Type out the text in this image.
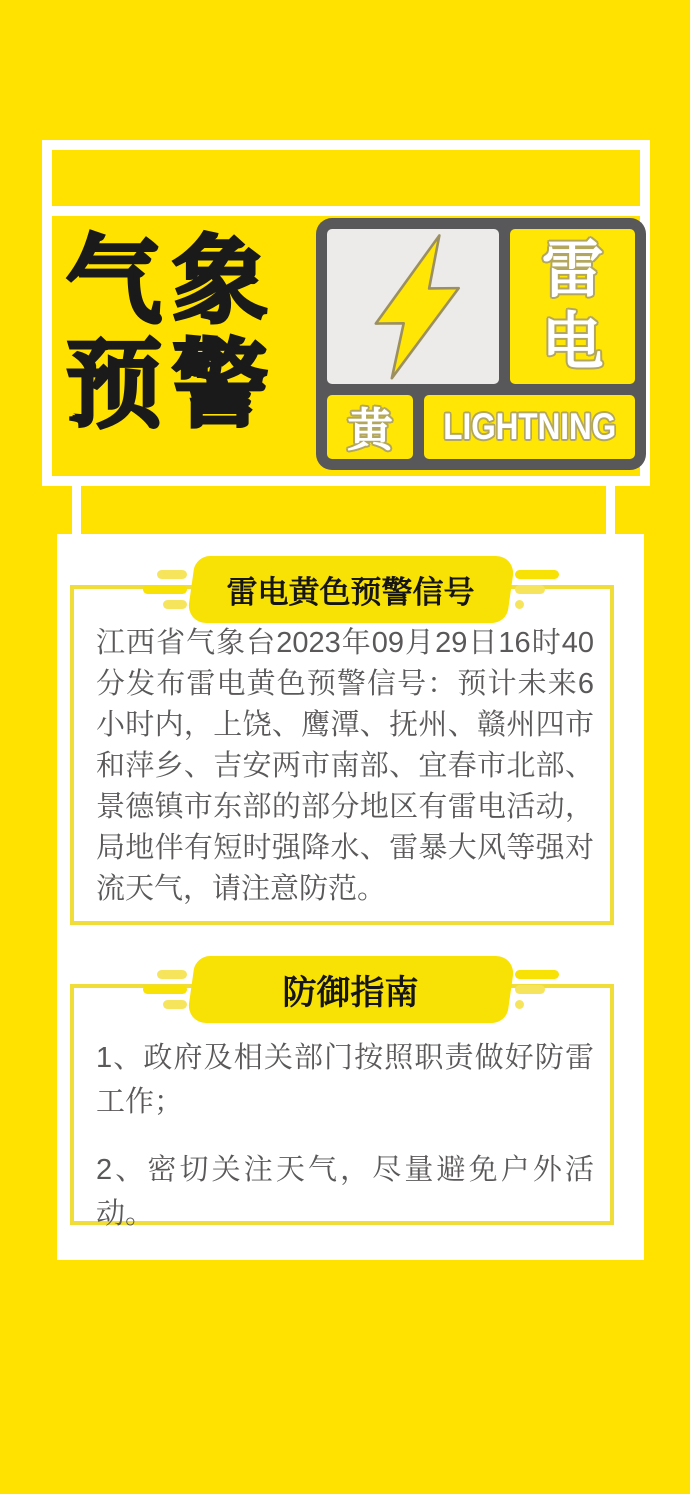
气象
预警
雷电
黄 LIGHTNING

江西省气象台2023年09月29日16时40分发布雷电黄色预警信号：预计未来6小时内，上饶、鹰潭、抚州、赣州四市和萍乡、吉安两市南部、宜春市北部、景德镇市东部的部分地区有雷电活动，局地伴有短时强降水、雷暴大风等强对流天气，请注意防范。

雷电黄色预警信号

1、政府及相关部门按照职责做好防雷工作；

2、密切关注天气，尽量避免户外活动。

防御指南
